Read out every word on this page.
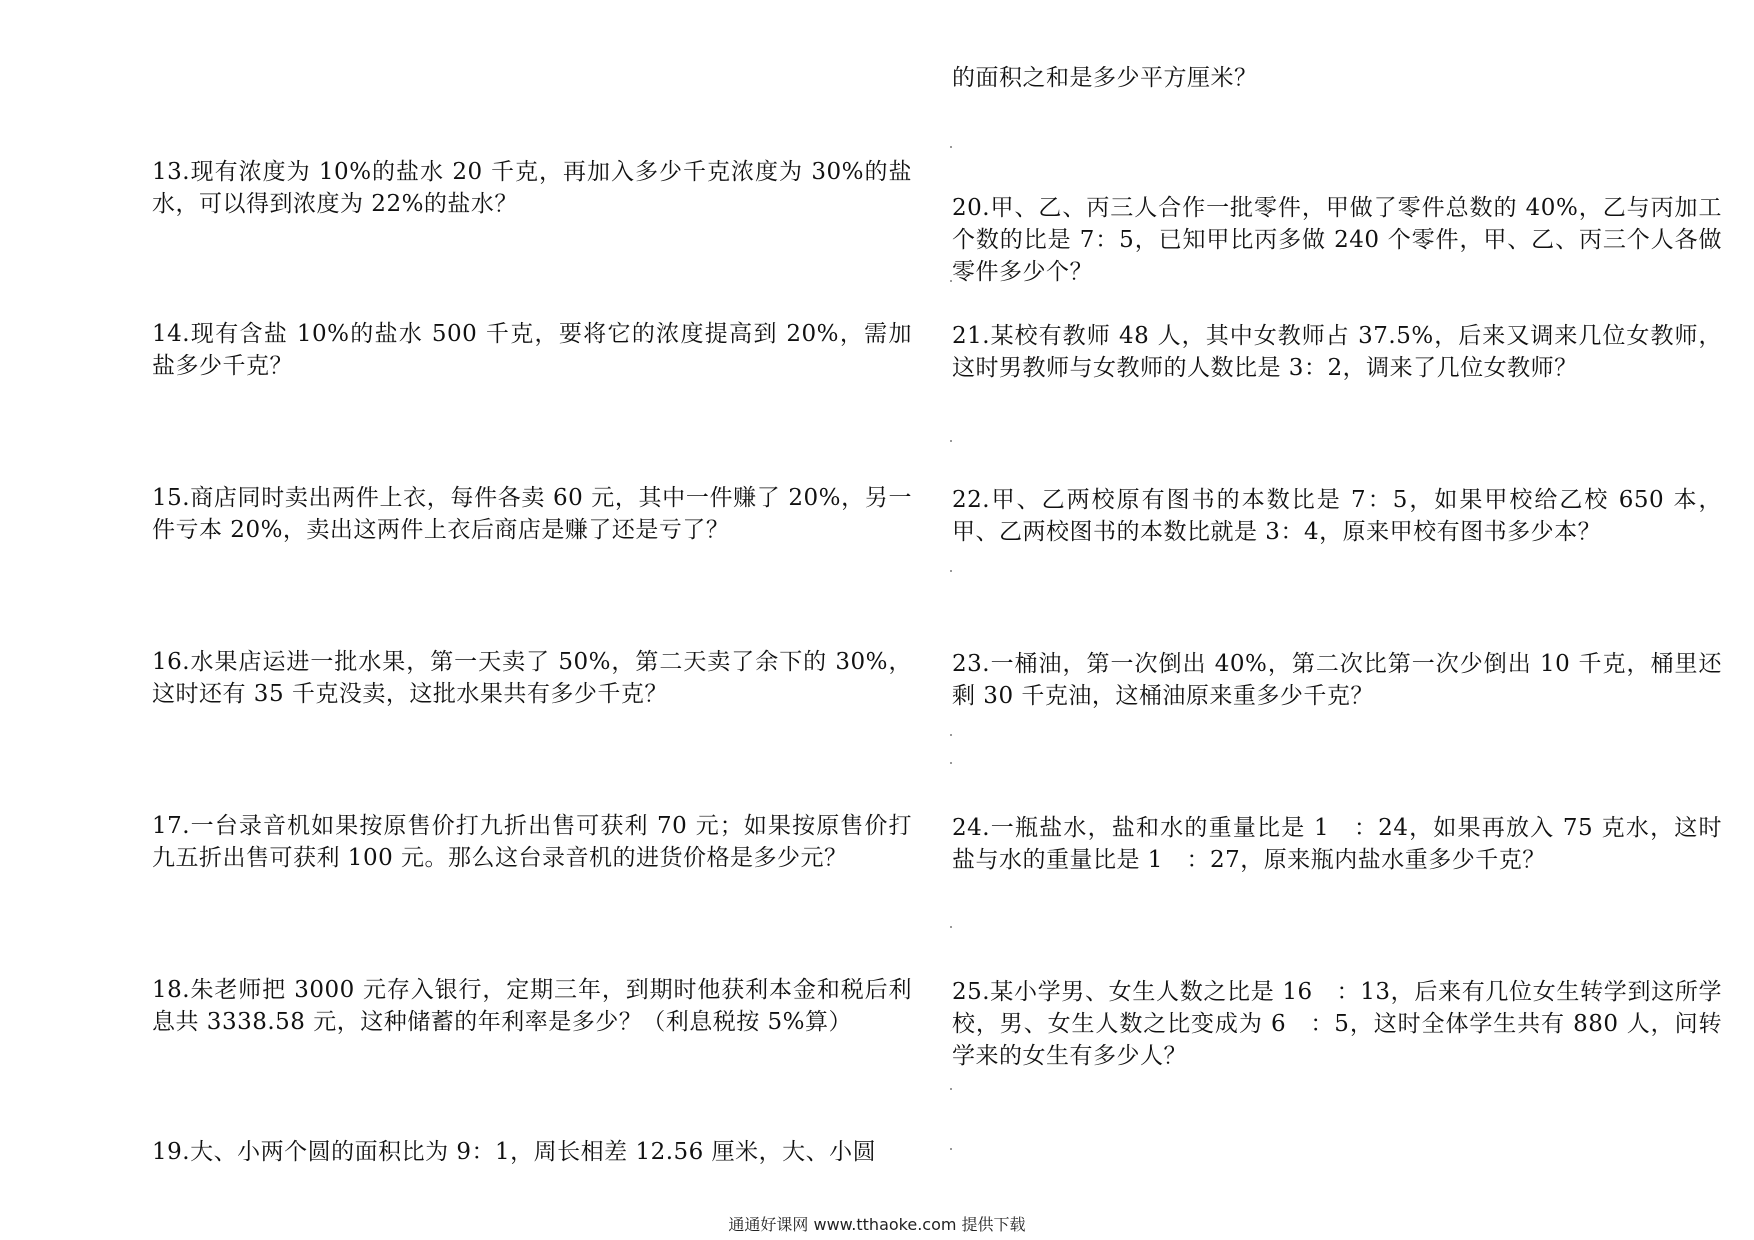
13.现有浓度为 10%的盐水 20 千克，再加入多少千克浓度为 30%的盐水，可以得到浓度为 22%的盐水？
14.现有含盐 10%的盐水 500 千克，要将它的浓度提高到 20%，需加盐多少千克？
15.商店同时卖出两件上衣，每件各卖 60 元，其中一件赚了 20%，另一件亏本 20%，卖出这两件上衣后商店是赚了还是亏了？
16.水果店运进一批水果，第一天卖了 50%，第二天卖了余下的 30%，这时还有 35 千克没卖，这批水果共有多少千克？
17.一台录音机如果按原售价打九折出售可获利 70 元；如果按原售价打九五折出售可获利 100 元。那么这台录音机的进货价格是多少元？
18.朱老师把 3000 元存入银行，定期三年，到期时他获利本金和税后利息共 3338.58 元，这种储蓄的年利率是多少？（利息税按 5%算）
19.大、小两个圆的面积比为 9：1，周长相差 12.56 厘米，大、小圆
的面积之和是多少平方厘米？
20.甲、乙、丙三人合作一批零件，甲做了零件总数的 40%，乙与丙加工个数的比是 7：5，已知甲比丙多做 240 个零件，甲、乙、丙三个人各做零件多少个？
21.某校有教师 48 人，其中女教师占 37.5%，后来又调来几位女教师，这时男教师与女教师的人数比是 3：2，调来了几位女教师？
22.甲、乙两校原有图书的本数比是 7：5，如果甲校给乙校 650 本，甲、乙两校图书的本数比就是 3：4，原来甲校有图书多少本？
23.一桶油，第一次倒出 40%，第二次比第一次少倒出 10 千克，桶里还剩 30 千克油，这桶油原来重多少千克？
24.一瓶盐水，盐和水的重量比是 1　：24，如果再放入 75 克水，这时盐与水的重量比是 1　：27，原来瓶内盐水重多少千克？
25.某小学男、女生人数之比是 16　：13，后来有几位女生转学到这所学校，男、女生人数之比变成为 6　：5，这时全体学生共有 880 人，问转学来的女生有多少人？
通通好课网 www.tthaoke.com 提供下载
